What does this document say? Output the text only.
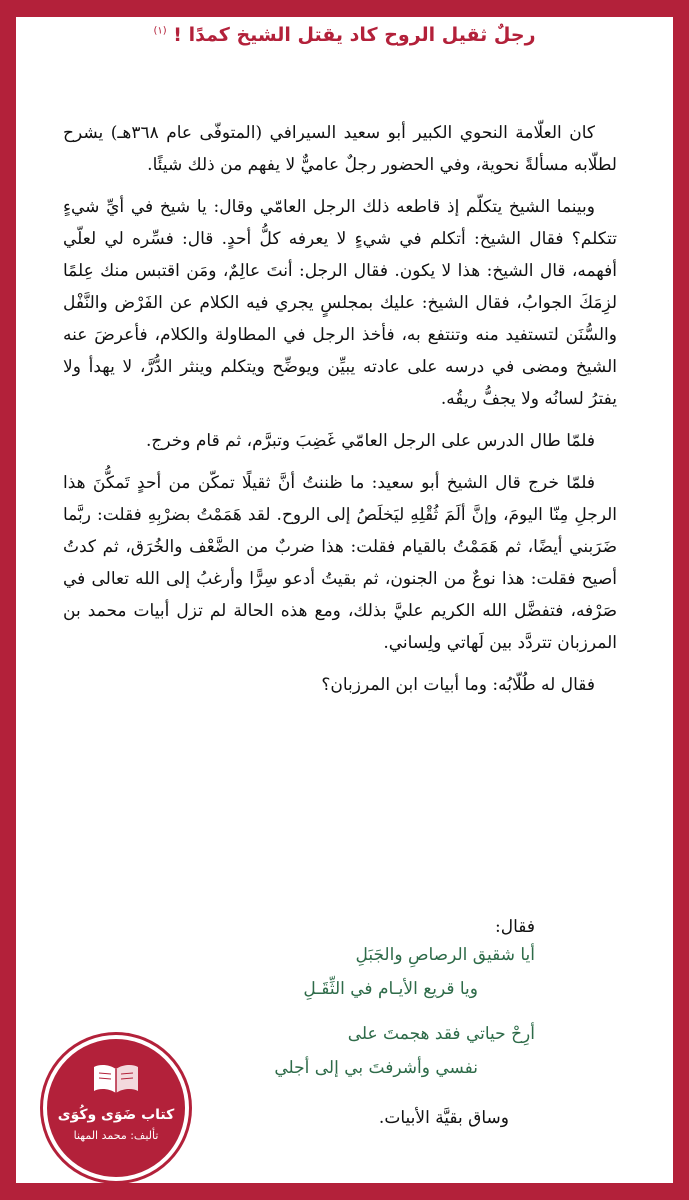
رجلٌ ثقيل الروح كاد يقتل الشيخ كمدًا ! $^{(١)}$

كان العلّامة النحوي الكبير أبو سعيد السيرافي (المتوفّى عام ٣٦٨هـ) يشرح لطلّابه مسألةً نحوية، وفي الحضور رجلٌ عاميٌّ لا يفهم من ذلك شيئًا.

وبينما الشيخ يتكلّم إذ قاطعه ذلك الرجل العامّي وقال: يا شيخ في أيِّ شيءٍ تتكلم؟ فقال الشيخ: أتكلم في شيءٍ لا يعرفه كلُّ أحدٍ. قال: فسِّره لي لعلّي أفهمه، قال الشيخ: هذا لا يكون. فقال الرجل: أنتَ عالِمٌ، ومَن اقتبس منك عِلمًا لزِمَكَ الجوابُ، فقال الشيخ: عليك بمجلسٍ يجري فيه الكلام عن الفَرْض والنَّفْل والسُّنَن لتستفيد منه وتنتفع به، فأخذ الرجل في المطاولة والكلام، فأعرضَ عنه الشيخ ومضى في درسه على عادته يبيِّن ويوضِّح ويتكلم وينثر الدُّرَّ، لا يهدأ ولا يفترُ لسانُه ولا يجفُّ ريقُه.

فلمّا طال الدرس على الرجل العامّي غَضِبَ وتبرَّم، ثم قام وخرج.

فلمّا خرج قال الشيخ أبو سعيد: ما ظننتُ أنَّ ثقيلًا تمكّن من أحدٍ تَمكُّنَ هذا الرجلِ مِنّا اليومَ، وإنَّ ألَمَ ثُقْلِهِ ليَخلَصُ إلى الروح. لقد هَمَمْتُ بضرْبِهِ فقلت: ربَّما ضَرَبني أيضًا، ثم هَمَمْتُ بالقيام فقلت: هذا ضربٌ من الضَّعْف والخُرَق، ثم كدتُ أصيح فقلت: هذا نوعٌ من الجنون، ثم بقيتُ أدعو سِرًّا وأرغبُ إلى الله تعالى في صَرْفه، فتفضَّل الله الكريم عليَّ بذلك، ومع هذه الحالة لم تزل أبيات محمد بن المرزبان تتردَّد بين لَهاتي ولِساني.

فقال له طُلّابُه: وما أبيات ابن المرزبان؟

فقال:
أيا شقيق الرصاصِ والجَبَلِ
ويا قريع الأيـام في الثِّقَـلِ
أرِحْ حياتي فقد هجمتَ على
نفسي وأشرفتَ بي إلى أجلي
وساق بقيَّة الأبيات.
كتاب ضَوَى وكُوَى
تأليف: محمد المهنا
